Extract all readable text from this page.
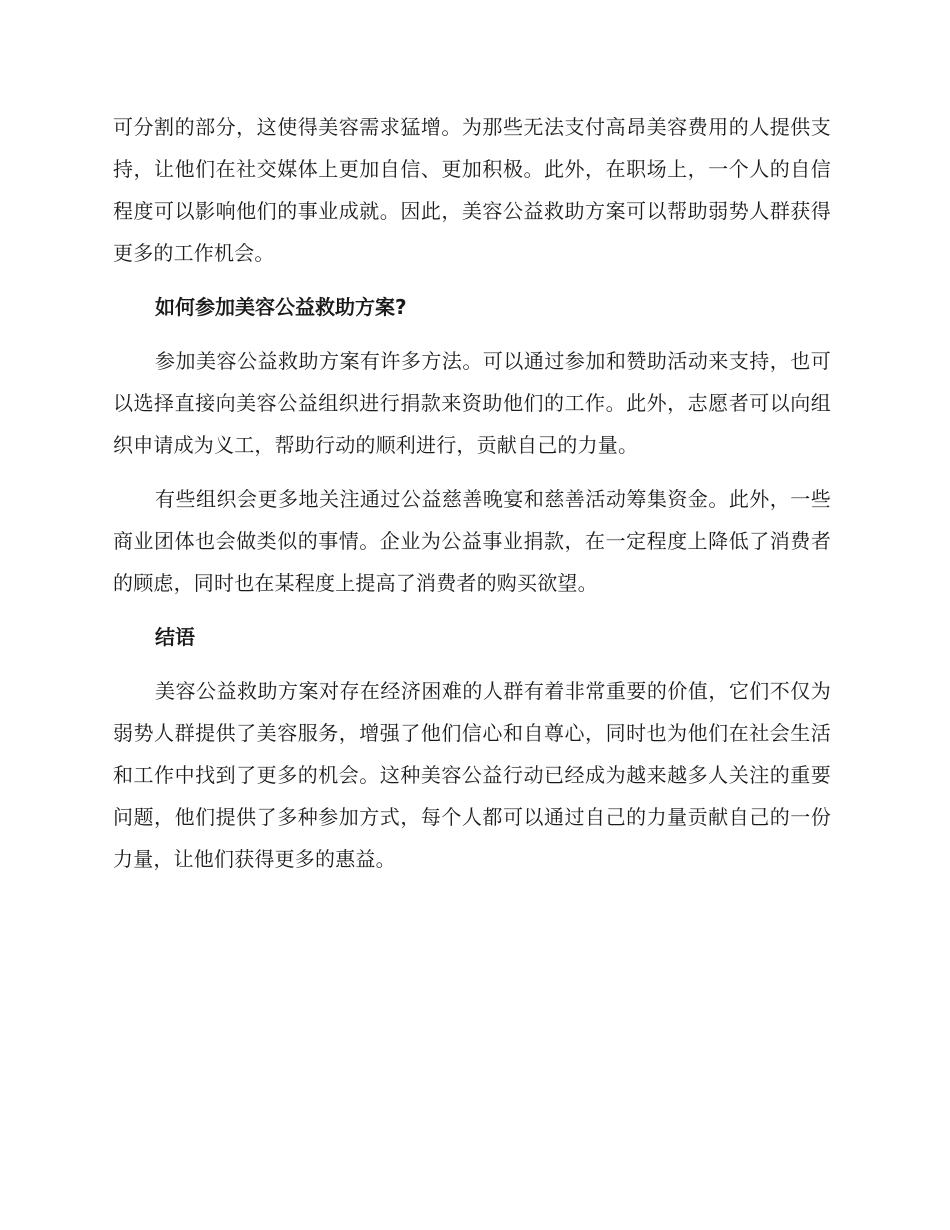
可分割的部分，这使得美容需求猛增。为那些无法支付高昂美容费用的人提供支持，让他们在社交媒体上更加自信、更加积极。此外，在职场上，一个人的自信程度可以影响他们的事业成就。因此，美容公益救助方案可以帮助弱势人群获得更多的工作机会。

如何参加美容公益救助方案?

参加美容公益救助方案有许多方法。可以通过参加和赞助活动来支持，也可以选择直接向美容公益组织进行捐款来资助他们的工作。此外，志愿者可以向组织申请成为义工，帮助行动的顺利进行，贡献自己的力量。

有些组织会更多地关注通过公益慈善晚宴和慈善活动筹集资金。此外，一些商业团体也会做类似的事情。企业为公益事业捐款，在一定程度上降低了消费者的顾虑，同时也在某程度上提高了消费者的购买欲望。

结语

美容公益救助方案对存在经济困难的人群有着非常重要的价值，它们不仅为弱势人群提供了美容服务，增强了他们信心和自尊心，同时也为他们在社会生活和工作中找到了更多的机会。这种美容公益行动已经成为越来越多人关注的重要问题，他们提供了多种参加方式，每个人都可以通过自己的力量贡献自己的一份力量，让他们获得更多的惠益。
